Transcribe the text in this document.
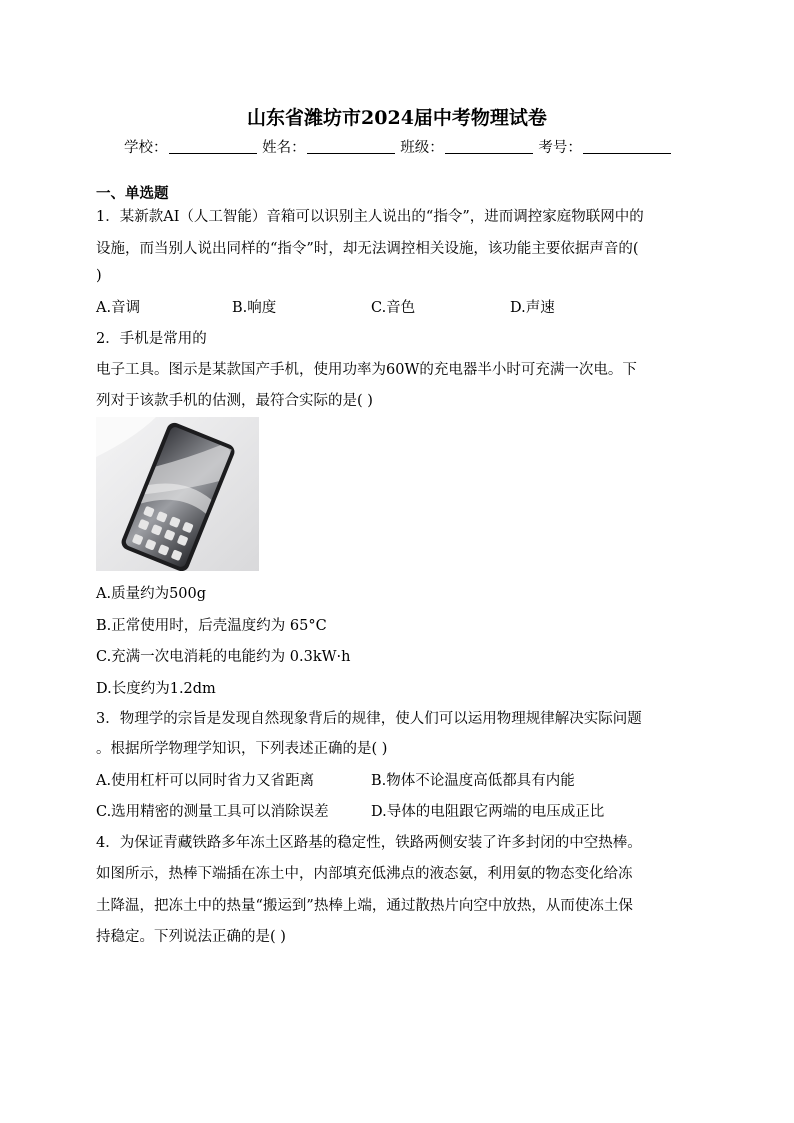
山东省潍坊市2024届中考物理试卷
学校：	姓名：	班级：	考号：
一、单选题
1．某新款AI（人工智能）音箱可以识别主人说出的“指令”，进而调控家庭物联网中的
设施，而当别人说出同样的“指令”时，却无法调控相关设施，该功能主要依据声音的(
)
A.音调	B.响度	C.音色	D.声速
2．手机是常用的
电子工具。图示是某款国产手机，使用功率为60W的充电器半小时可充满一次电。下
列对于该款手机的估测，最符合实际的是( )
A.质量约为500g
B.正常使用时，后壳温度约为 65°C
C.充满一次电消耗的电能约为 0.3kW·h
D.长度约为1.2dm
3．物理学的宗旨是发现自然现象背后的规律，使人们可以运用物理规律解决实际问题
。根据所学物理学知识，下列表述正确的是( )
A.使用杠杆可以同时省力又省距离	B.物体不论温度高低都具有内能
C.选用精密的测量工具可以消除误差	D.导体的电阻跟它两端的电压成正比
4．为保证青藏铁路多年冻土区路基的稳定性，铁路两侧安装了许多封闭的中空热棒。
如图所示，热棒下端插在冻土中，内部填充低沸点的液态氨，利用氨的物态变化给冻
土降温，把冻土中的热量“搬运到”热棒上端，通过散热片向空中放热，从而使冻土保
持稳定。下列说法正确的是( )
